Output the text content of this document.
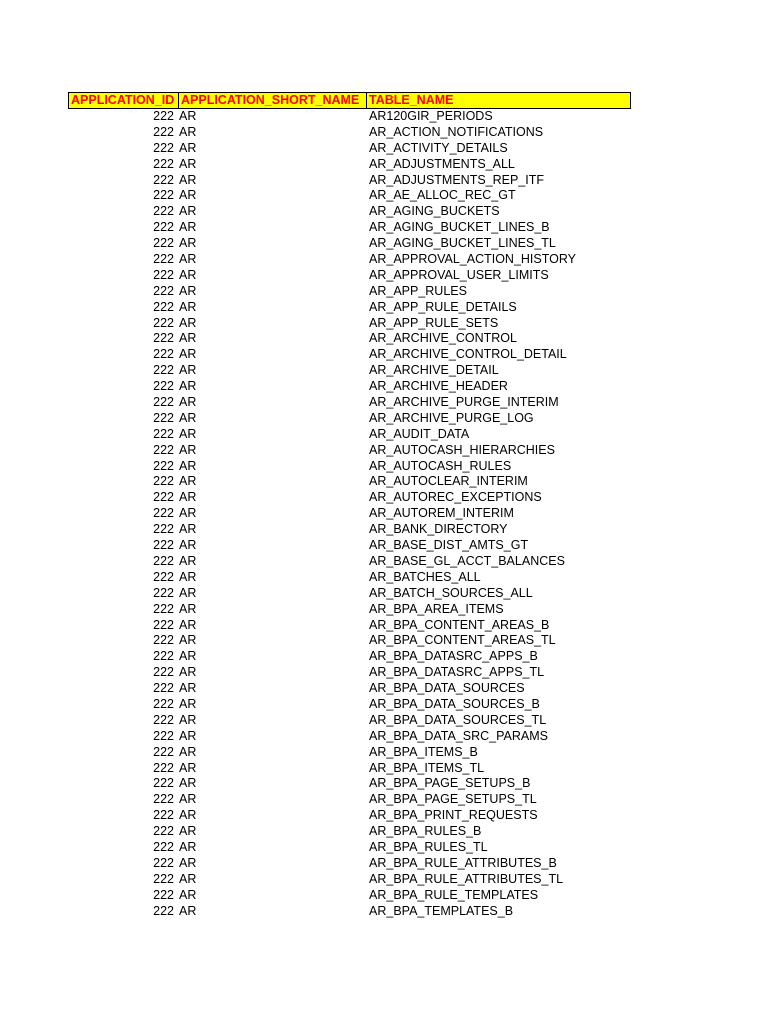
APPLICATION_ID APPLICATION_SHORT_NAME TABLE_NAME
222 AR	AR120GIR_PERIODS
222 AR	AR_ACTION_NOTIFICATIONS
222 AR	AR_ACTIVITY_DETAILS
222 AR	AR_ADJUSTMENTS_ALL
222 AR	AR_ADJUSTMENTS_REP_ITF
222 AR	AR_AE_ALLOC_REC_GT
222 AR	AR_AGING_BUCKETS
222 AR	AR_AGING_BUCKET_LINES_B
222 AR	AR_AGING_BUCKET_LINES_TL
222 AR	AR_APPROVAL_ACTION_HISTORY
222 AR	AR_APPROVAL_USER_LIMITS
222 AR	AR_APP_RULES
222 AR	AR_APP_RULE_DETAILS
222 AR	AR_APP_RULE_SETS
222 AR	AR_ARCHIVE_CONTROL
222 AR	AR_ARCHIVE_CONTROL_DETAIL
222 AR	AR_ARCHIVE_DETAIL
222 AR	AR_ARCHIVE_HEADER
222 AR	AR_ARCHIVE_PURGE_INTERIM
222 AR	AR_ARCHIVE_PURGE_LOG
222 AR	AR_AUDIT_DATA
222 AR	AR_AUTOCASH_HIERARCHIES
222 AR	AR_AUTOCASH_RULES
222 AR	AR_AUTOCLEAR_INTERIM
222 AR	AR_AUTOREC_EXCEPTIONS
222 AR	AR_AUTOREM_INTERIM
222 AR	AR_BANK_DIRECTORY
222 AR	AR_BASE_DIST_AMTS_GT
222 AR	AR_BASE_GL_ACCT_BALANCES
222 AR	AR_BATCHES_ALL
222 AR	AR_BATCH_SOURCES_ALL
222 AR	AR_BPA_AREA_ITEMS
222 AR	AR_BPA_CONTENT_AREAS_B
222 AR	AR_BPA_CONTENT_AREAS_TL
222 AR	AR_BPA_DATASRC_APPS_B
222 AR	AR_BPA_DATASRC_APPS_TL
222 AR	AR_BPA_DATA_SOURCES
222 AR	AR_BPA_DATA_SOURCES_B
222 AR	AR_BPA_DATA_SOURCES_TL
222 AR	AR_BPA_DATA_SRC_PARAMS
222 AR	AR_BPA_ITEMS_B
222 AR	AR_BPA_ITEMS_TL
222 AR	AR_BPA_PAGE_SETUPS_B
222 AR	AR_BPA_PAGE_SETUPS_TL
222 AR	AR_BPA_PRINT_REQUESTS
222 AR	AR_BPA_RULES_B
222 AR	AR_BPA_RULES_TL
222 AR	AR_BPA_RULE_ATTRIBUTES_B
222 AR	AR_BPA_RULE_ATTRIBUTES_TL
222 AR	AR_BPA_RULE_TEMPLATES
222 AR	AR_BPA_TEMPLATES_B
